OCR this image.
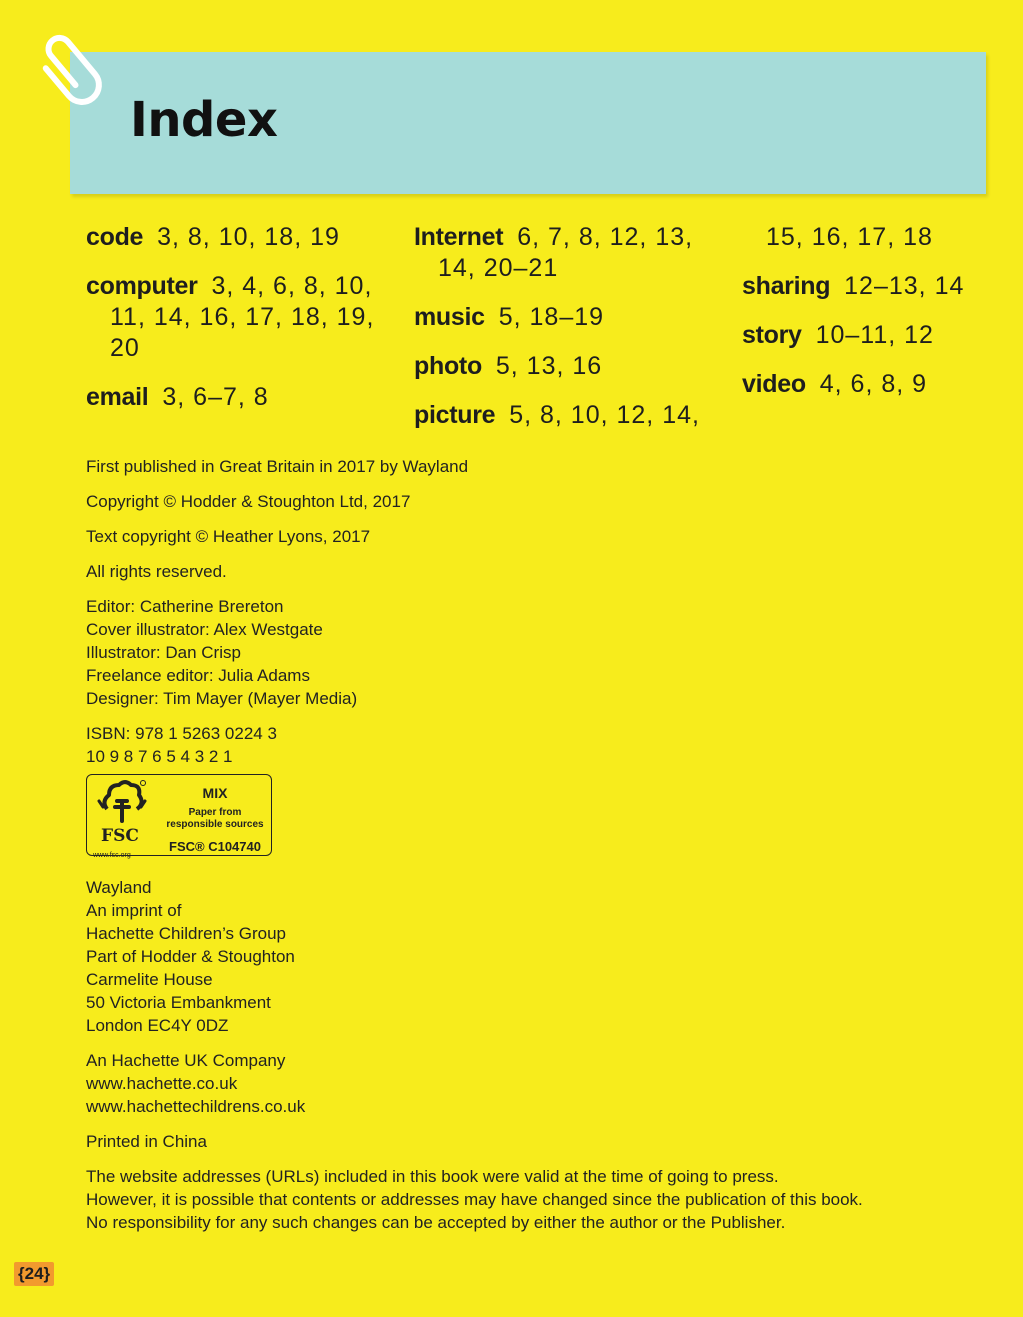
Index
code 3, 8, 10, 18, 19
computer 3, 4, 6, 8, 10, 11, 14, 16, 17, 18, 19, 20
email 3, 6–7, 8
Internet 6, 7, 8, 12, 13, 14, 20–21
music 5, 18–19
photo 5, 13, 16
picture 5, 8, 10, 12, 14,
15, 16, 17, 18
sharing 12–13, 14
story 10–11, 12
video 4, 6, 8, 9

First published in Great Britain in 2017 by Wayland

Copyright © Hodder & Stoughton Ltd, 2017

Text copyright © Heather Lyons, 2017

All rights reserved.

Editor: Catherine Brereton
Cover illustrator: Alex Westgate
Illustrator: Dan Crisp
Freelance editor: Julia Adams
Designer: Tim Mayer (Mayer Media)
ISBN: 978 1 5263 0224 3
10 9 8 7 6 5 4 3 2 1
FSC
www.fsc.org
MIX
Paper from
responsible sources
FSC® C104740
Wayland
An imprint of
Hachette Children’s Group
Part of Hodder & Stoughton
Carmelite House
50 Victoria Embankment
London EC4Y 0DZ
An Hachette UK Company
www.hachette.co.uk
www.hachettechildrens.co.uk

Printed in China

The website addresses (URLs) included in this book were valid at the time of going to press.
However, it is possible that contents or addresses may have changed since the publication of this book.
No responsibility for any such changes can be accepted by either the author or the Publisher.
{24}
